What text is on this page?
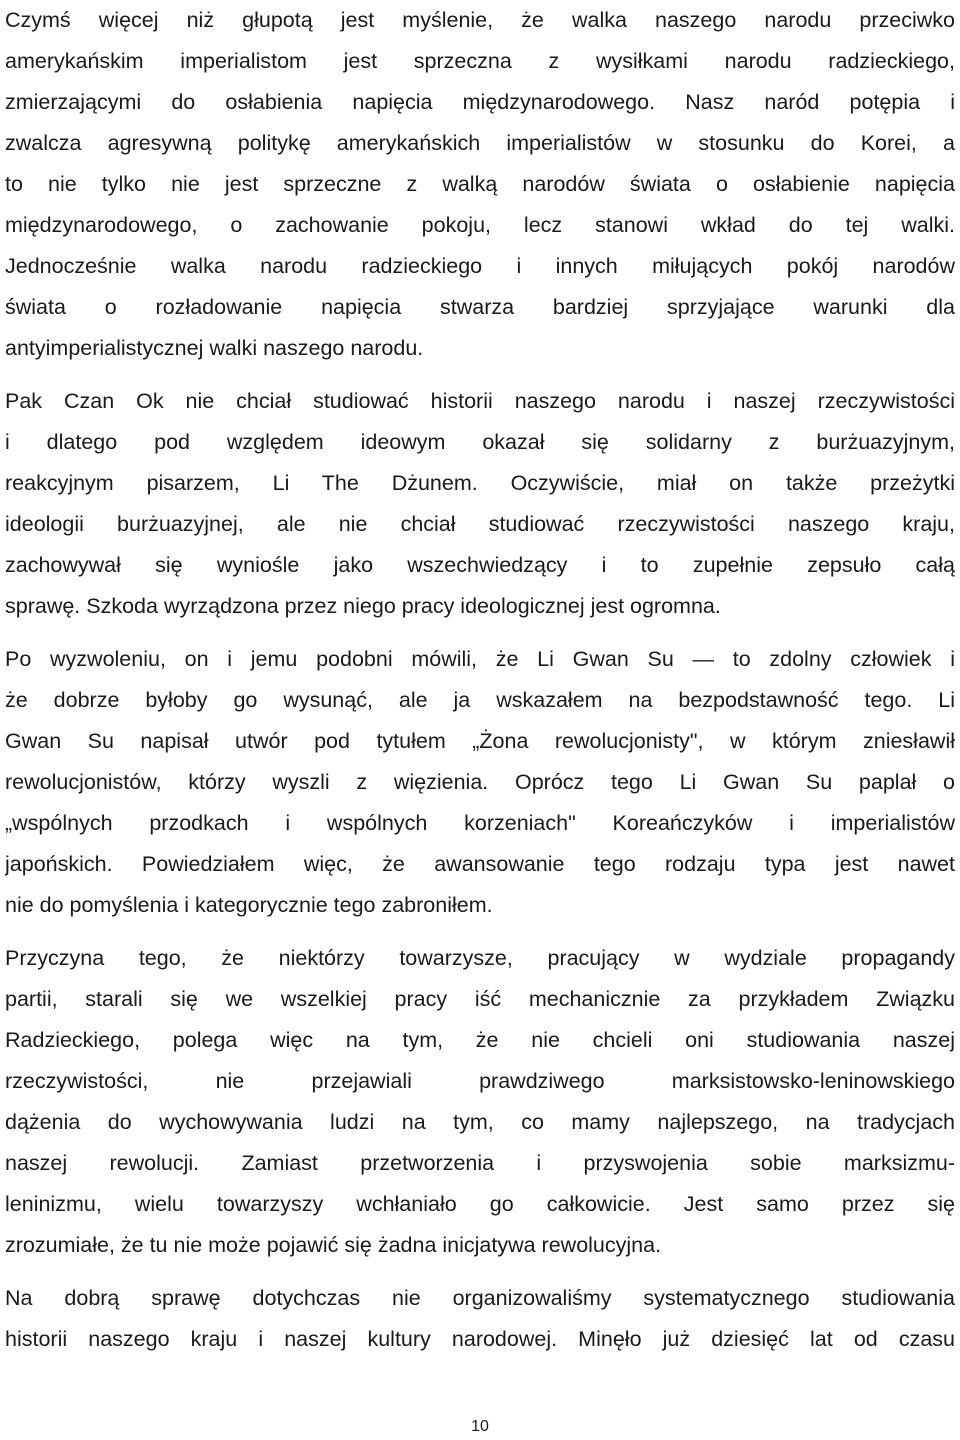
Czymś więcej niż głupotą jest myślenie, że walka naszego narodu przeciwko
amerykańskim imperialistom jest sprzeczna z wysiłkami narodu radzieckiego,
zmierzającymi do osłabienia napięcia międzynarodowego. Nasz naród potępia i
zwalcza agresywną politykę amerykańskich imperialistów w stosunku do Korei, a
to nie tylko nie jest sprzeczne z walką narodów świata o osłabienie napięcia
międzynarodowego, o zachowanie pokoju, lecz stanowi wkład do tej walki.
Jednocześnie walka narodu radzieckiego i innych miłujących pokój narodów
świata o rozładowanie napięcia stwarza bardziej sprzyjające warunki dla
antyimperialistycznej walki naszego narodu.
Pak Czan Ok nie chciał studiować historii naszego narodu i naszej rzeczywistości
i dlatego pod względem ideowym okazał się solidarny z burżuazyjnym,
reakcyjnym pisarzem, Li The Dżunem. Oczywiście, miał on także przeżytki
ideologii burżuazyjnej, ale nie chciał studiować rzeczywistości naszego kraju,
zachowywał się wyniośle jako wszechwiedzący i to zupełnie zepsuło całą
sprawę. Szkoda wyrządzona przez niego pracy ideologicznej jest ogromna.
Po wyzwoleniu, on i jemu podobni mówili, że Li Gwan Su — to zdolny człowiek i
że dobrze byłoby go wysunąć, ale ja wskazałem na bezpodstawność tego. Li
Gwan Su napisał utwór pod tytułem „Żona rewolucjonisty", w którym zniesławił
rewolucjonistów, którzy wyszli z więzienia. Oprócz tego Li Gwan Su paplał o
„wspólnych przodkach i wspólnych korzeniach" Koreańczyków i imperialistów
japońskich. Powiedziałem więc, że awansowanie tego rodzaju typa jest nawet
nie do pomyślenia i kategorycznie tego zabroniłem.
Przyczyna tego, że niektórzy towarzysze, pracujący w wydziale propagandy
partii, starali się we wszelkiej pracy iść mechanicznie za przykładem Związku
Radzieckiego, polega więc na tym, że nie chcieli oni studiowania naszej
rzeczywistości, nie przejawiali prawdziwego marksistowsko-leninowskiego
dążenia do wychowywania ludzi na tym, co mamy najlepszego, na tradycjach
naszej rewolucji. Zamiast przetworzenia i przyswojenia sobie marksizmu-
leninizmu, wielu towarzyszy wchłaniało go całkowicie. Jest samo przez się
zrozumiałe, że tu nie może pojawić się żadna inicjatywa rewolucyjna.
Na dobrą sprawę dotychczas nie organizowaliśmy systematycznego studiowania
historii naszego kraju i naszej kultury narodowej. Minęło już dziesięć lat od czasu
10
